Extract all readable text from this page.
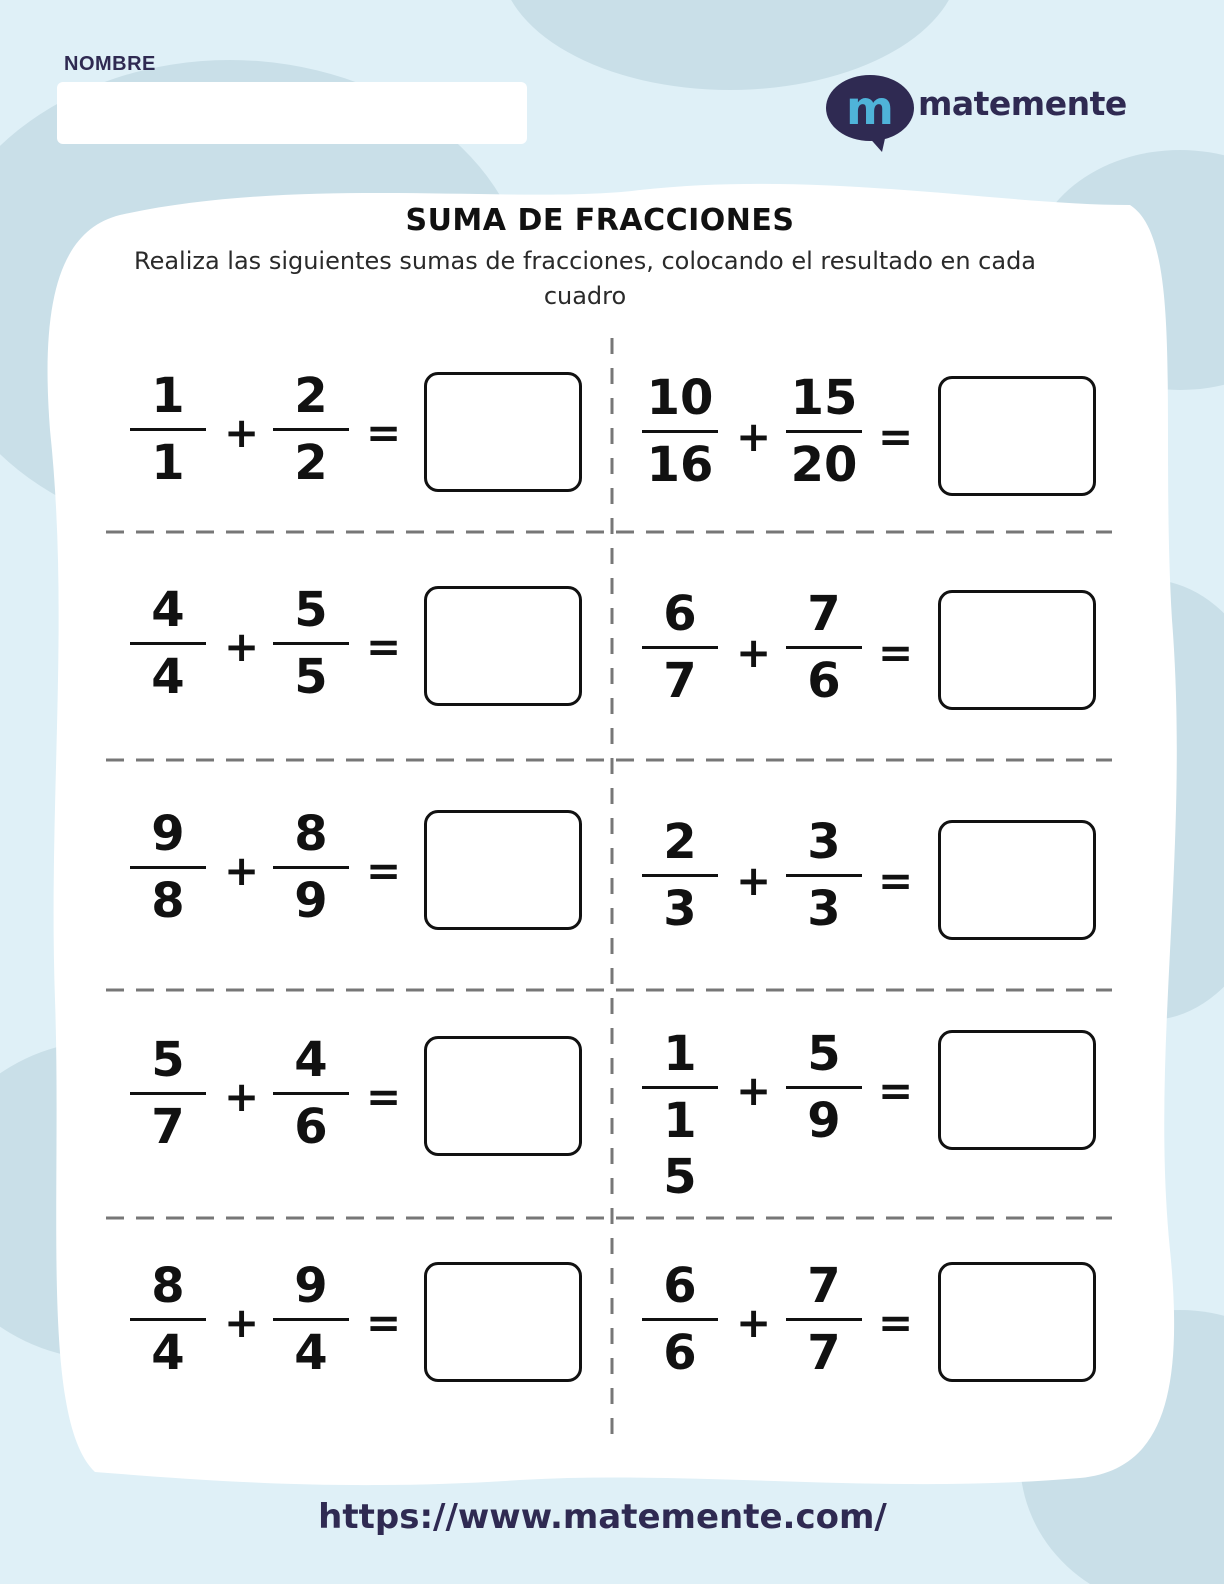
NOMBRE
m matemente
SUMA DE FRACCIONES
Realiza las siguientes sumas de fracciones, colocando el resultado en cada cuadro
1
1
+
2
2
=
10
16
+
15
20
=
4
4
+
5
5
=
6
7
+
7
6
=
9
8
+
8
9
=
2
3
+
3
3
=
5
7
+
4
6
=
1
1 5
+
5
9
=
8
4
+
9
4
=
6
6
+
7
7
=
https://www.matemente.com/
